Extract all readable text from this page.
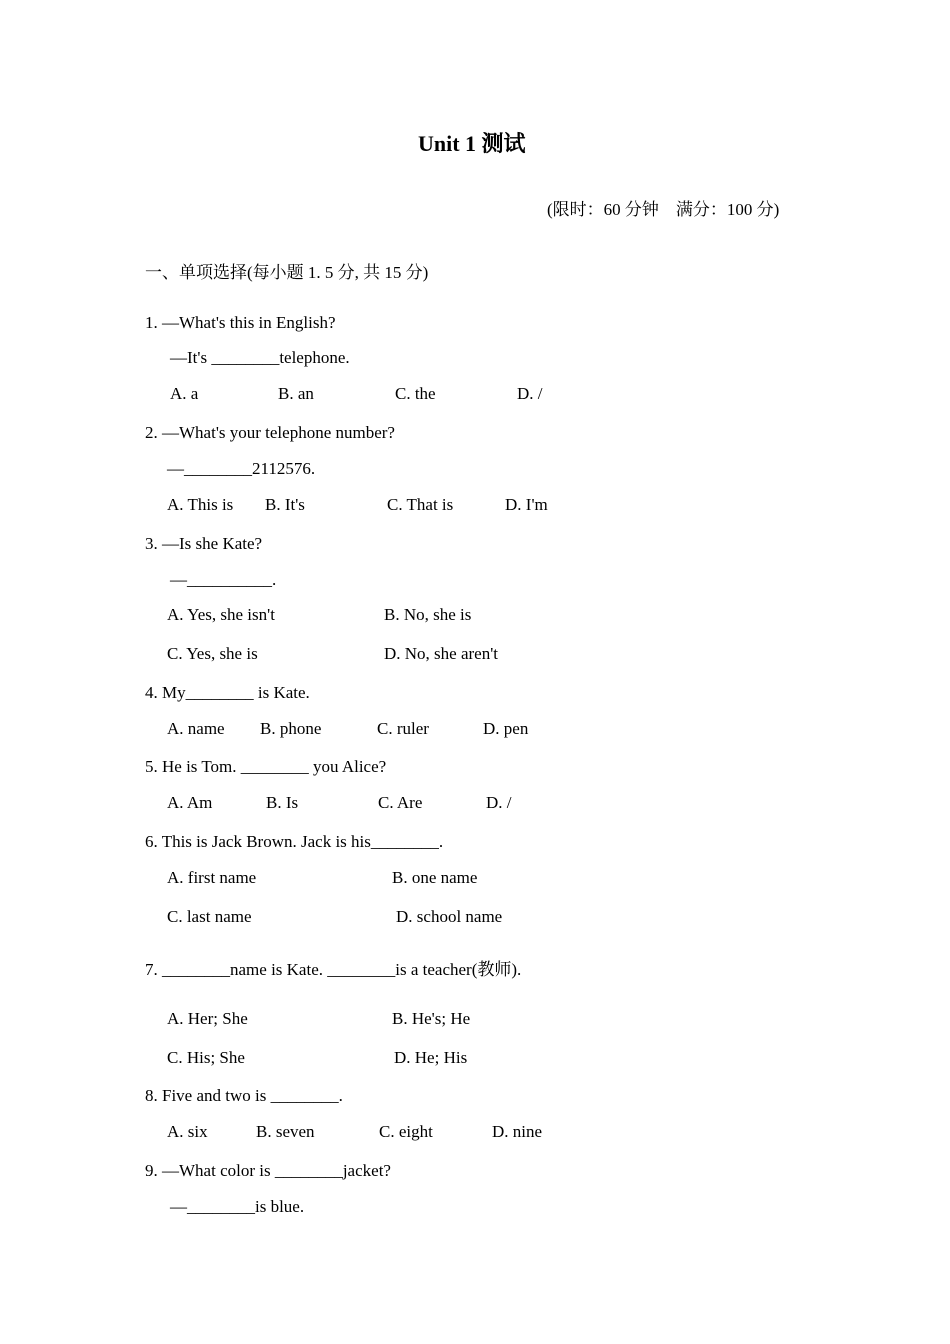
Unit 1 测试
(限时：60 分钟　满分：100 分)
一、单项选择(每小题 1. 5 分, 共 15 分)
1. —What's this in English?
—It's ________telephone.
A. a	B. an	C. the	D. /
2. —What's your telephone number?
—________2112576.
A. This is B. It's	C. That is	D. I'm
3. —Is she Kate?
—__________.
A. Yes, she isn't	B. No, she is
C. Yes, she is	D. No, she aren't
4. My________ is Kate.
A. name B. phone	C. ruler	D. pen
5. He is Tom. ________ you Alice?
A. Am	B. Is	C. Are	D. /
6. This is Jack Brown. Jack is his________.
A. first name	B. one name
C. last name	D. school name
7. ________name is Kate. ________is a teacher(教师).
A. Her; She	B. He's; He
C. His; She	D. He; His
8. Five and two is ________.
A. six	B. seven	C. eight	D. nine
9. —What color is ________jacket?
—________is blue.
